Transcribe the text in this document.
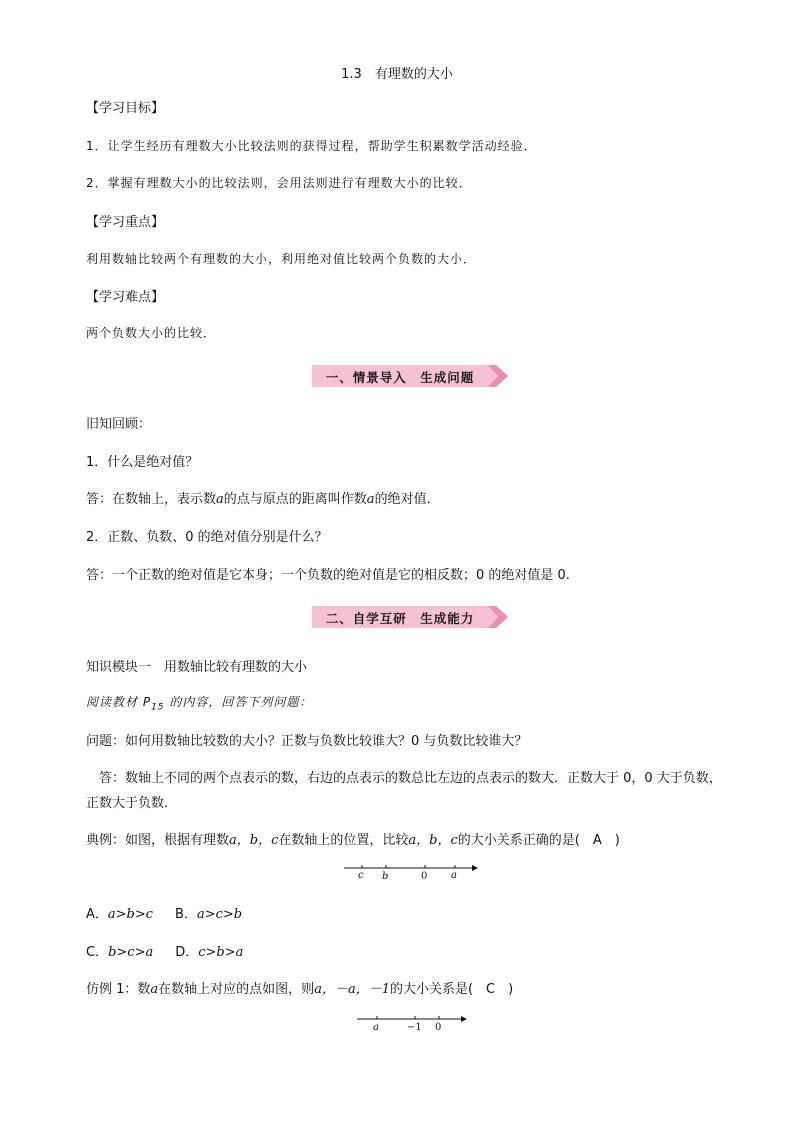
1.3　有理数的大小
【学习目标】
1．让学生经历有理数大小比较法则的获得过程，帮助学生积累数学活动经验．
2．掌握有理数大小的比较法则，会用法则进行有理数大小的比较．
【学习重点】
利用数轴比较两个有理数的大小，利用绝对值比较两个负数的大小．
【学习难点】
两个负数大小的比较．
一、情景导入　生成问题
旧知回顾：
1．什么是绝对值？
答：在数轴上，表示数a的点与原点的距离叫作数a的绝对值．
2．正数、负数、0 的绝对值分别是什么？
答：一个正数的绝对值是它本身；一个负数的绝对值是它的相反数；0 的绝对值是 0.
二、自学互研　生成能力
知识模块一　用数轴比较有理数的大小
阅读教材 $P_{15}$ 的内容，回答下列问题：
问题：如何用数轴比较数的大小？正数与负数比较谁大？0 与负数比较谁大？
答：数轴上不同的两个点表示的数，右边的点表示的数总比左边的点表示的数大．正数大于 0，0 大于负数，
正数大于负数．
典例：如图，根据有理数a，b，c在数轴上的位置，比较a，b，c的大小关系正确的是(　A　)
c b	0 a
A．a>b>c B．a>c>b
C．b>c>a D．c>b>a
仿例 1：数a在数轴上对应的点如图，则a，－a，－1的大小关系是(　C　)
a	−1 0
